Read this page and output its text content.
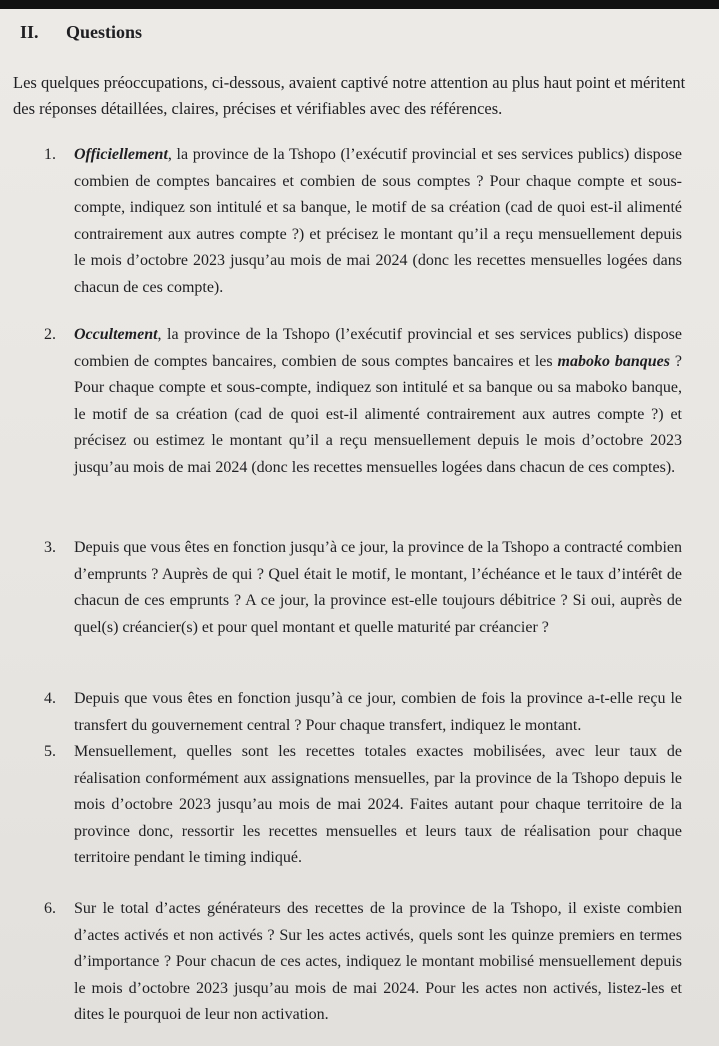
II. Questions
Les quelques préoccupations, ci-dessous, avaient captivé notre attention au plus haut point et méritent des réponses détaillées, claires, précises et vérifiables avec des références.
1. Officiellement, la province de la Tshopo (l’exécutif provincial et ses services publics) dispose combien de comptes bancaires et combien de sous comptes ? Pour chaque compte et sous-compte, indiquez son intitulé et sa banque, le motif de sa création (cad de quoi est-il alimenté contrairement aux autres compte ?) et précisez le montant qu’il a reçu mensuellement depuis le mois d’octobre 2023 jusqu’au mois de mai 2024 (donc les recettes mensuelles logées dans chacun de ces compte).
2. Occultement, la province de la Tshopo (l’exécutif provincial et ses services publics) dispose combien de comptes bancaires, combien de sous comptes bancaires et les maboko banques ? Pour chaque compte et sous-compte, indiquez son intitulé et sa banque ou sa maboko banque, le motif de sa création (cad de quoi est-il alimenté contrairement aux autres compte ?) et précisez ou estimez le montant qu’il a reçu mensuellement depuis le mois d’octobre 2023 jusqu’au mois de mai 2024 (donc les recettes mensuelles logées dans chacun de ces comptes).
3. Depuis que vous êtes en fonction jusqu’à ce jour, la province de la Tshopo a contracté combien d’emprunts ? Auprès de qui ? Quel était le motif, le montant, l’échéance et le taux d’intérêt de chacun de ces emprunts ? A ce jour, la province est-elle toujours débitrice ? Si oui, auprès de quel(s) créancier(s) et pour quel montant et quelle maturité par créancier ?
4. Depuis que vous êtes en fonction jusqu’à ce jour, combien de fois la province a-t-elle reçu le transfert du gouvernement central ? Pour chaque transfert, indiquez le montant.
5. Mensuellement, quelles sont les recettes totales exactes mobilisées, avec leur taux de réalisation conformément aux assignations mensuelles, par la province de la Tshopo depuis le mois d’octobre 2023 jusqu’au mois de mai 2024. Faites autant pour chaque territoire de la province donc, ressortir les recettes mensuelles et leurs taux de réalisation pour chaque territoire pendant le timing indiqué.
6. Sur le total d’actes générateurs des recettes de la province de la Tshopo, il existe combien d’actes activés et non activés ? Sur les actes activés, quels sont les quinze premiers en termes d’importance ? Pour chacun de ces actes, indiquez le montant mobilisé mensuellement depuis le mois d’octobre 2023 jusqu’au mois de mai 2024. Pour les actes non activés, listez-les et dites le pourquoi de leur non activation.
